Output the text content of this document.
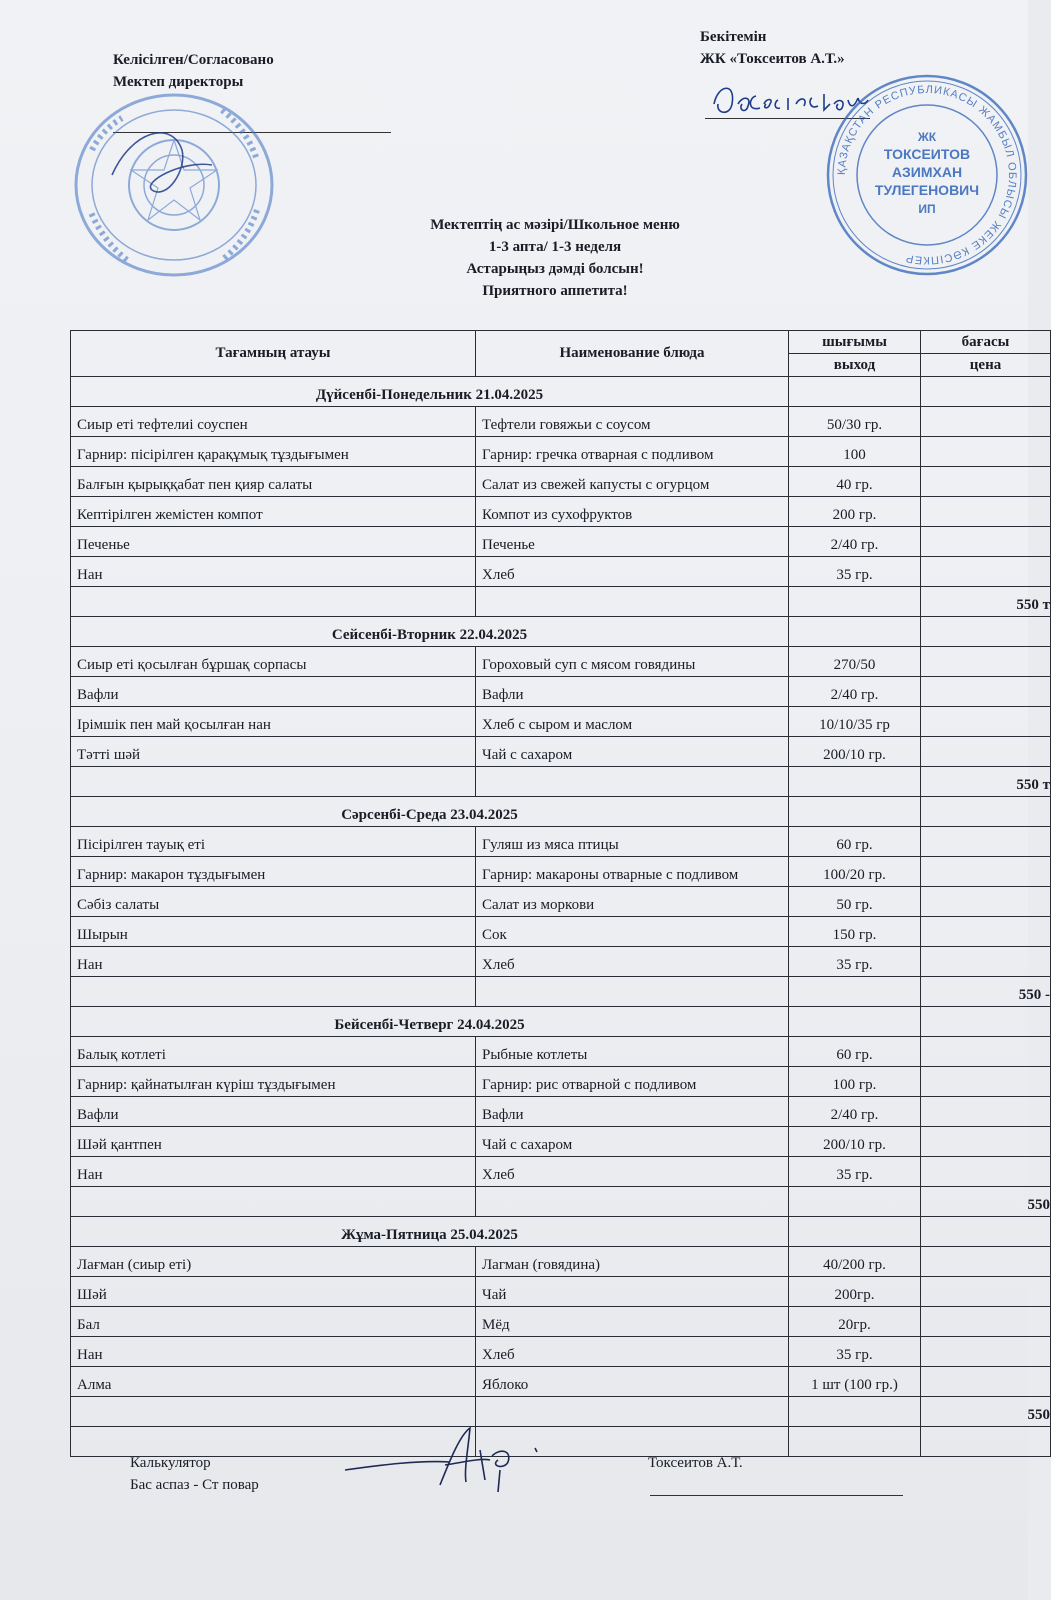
Келісілген/Согласовано
Мектеп директоры
Бекітемін
ЖК «Токсеитов А.Т.»
ҚАЗАҚСТАН РЕСПУБЛИКАСЫ ЖАМБЫЛ ОБЛЫСЫ ЖЕКЕ КӘСІПКЕР
ЖК
ТОКСЕИТОВ
АЗИМХАН
ТУЛЕГЕНОВИЧ
ИП
Мектептің ас мәзірі/Школьное меню
1-3 апта/ 1-3 неделя
Астарыңыз дәмді болсын!
Приятного аппетита!
Тағамның атауы	Наименование блюда	шығымы	бағасы
		выход	цена
Дүйсенбі-Понедельник 21.04.2025			
Сиыр еті тефтелиі соуспен	Тефтели говяжьи с соусом	50/30 гр.	
Гарнир: пісірілген қарақұмық тұздығымен	Гарнир: гречка отварная с подливом	100	
Балғын қырыққабат пен қияр салаты	Салат из свежей капусты с огурцом	40 гр.	
Кептірілген жемістен компот	Компот из сухофруктов	200 гр.	
Печенье	Печенье	2/40 гр.	
Нан	Хлеб	35 гр.	
			550 т
Сейсенбі-Вторник 22.04.2025			
Сиыр еті қосылған бұршақ сорпасы	Гороховый суп с мясом говядины	270/50	
Вафли	Вафли	2/40 гр.	
Ірімшік пен май қосылған нан	Хлеб с сыром и маслом	10/10/35 гр	
Тәтті шәй	Чай с сахаром	200/10 гр.	
			550 т
Сәрсенбі-Среда 23.04.2025			
Пісірілген тауық еті	Гуляш из мяса птицы	60 гр.	
Гарнир: макарон тұздығымен	Гарнир: макароны отварные с подливом	100/20 гр.	
Сәбіз салаты	Салат из моркови	50 гр.	
Шырын	Сок	150 гр.	
Нан	Хлеб	35 гр.	
			550 -
Бейсенбі-Четверг 24.04.2025			
Балық котлеті	Рыбные котлеты	60 гр.	
Гарнир: қайнатылған күріш тұздығымен	Гарнир: рис отварной с подливом	100 гр.	
Вафли	Вафли	2/40 гр.	
Шәй қантпен	Чай с сахаром	200/10 гр.	
Нан	Хлеб	35 гр.	
			550
Жұма-Пятница 25.04.2025			
Лағман (сиыр еті)	Лагман (говядина)	40/200 гр.	
Шәй	Чай	200гр.	
Бал	Мёд	20гр.	
Нан	Хлеб	35 гр.	
Алма	Яблоко	1 шт (100 гр.)	
			550

Калькулятор
Бас аспаз - Ст повар
Токсеитов А.Т.
